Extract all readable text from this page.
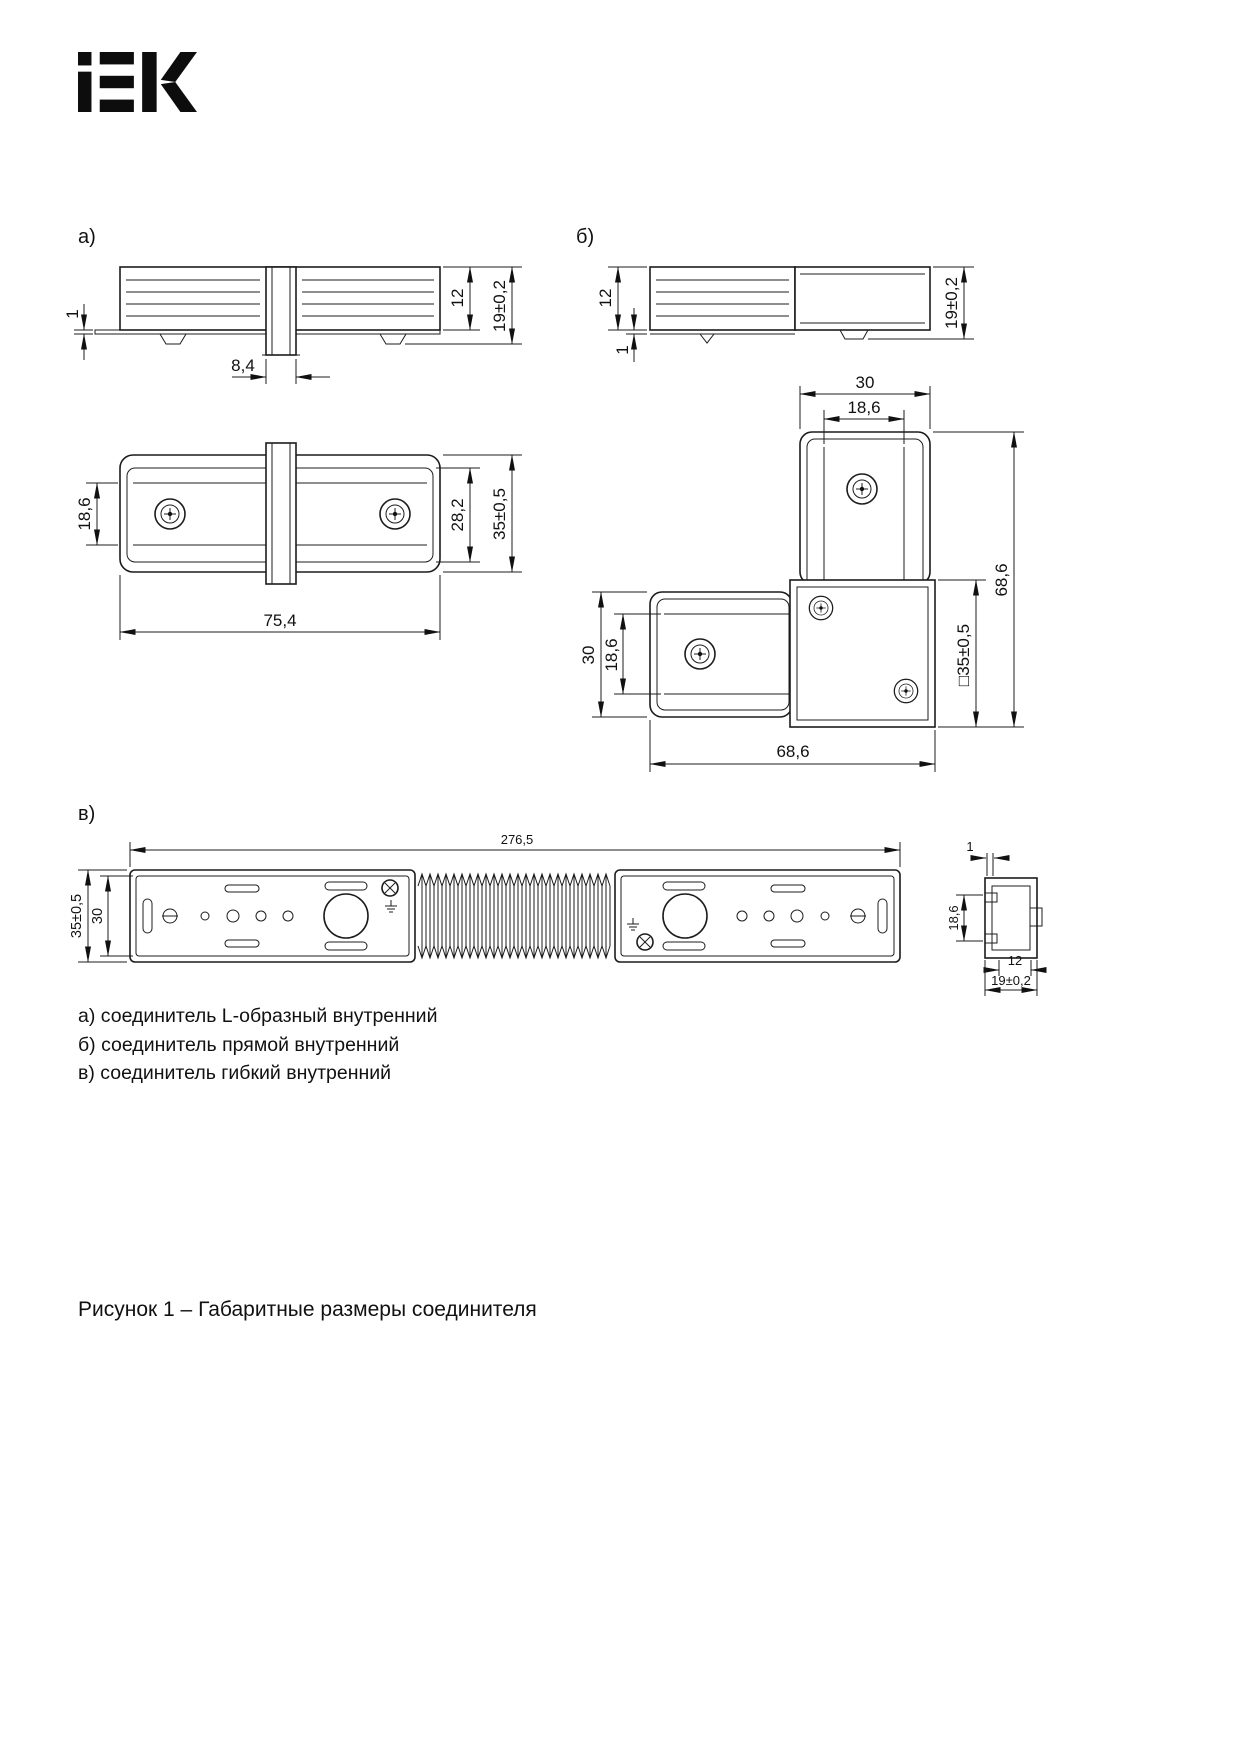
а)	б)
в)
1
8,4
12 19±0,2
18,6	28,2 35±0,5
75,4
12
1
19±0,2
30
18,6
68,6
□35±0,5
30 18,6
68,6
276,5
35±0,5 30
1
18,6
12
19±0,2
а) соединитель L-образный внутренний
б) соединитель прямой внутренний
в) соединитель гибкий внутренний
Рисунок 1 – Габаритные размеры соединителя
